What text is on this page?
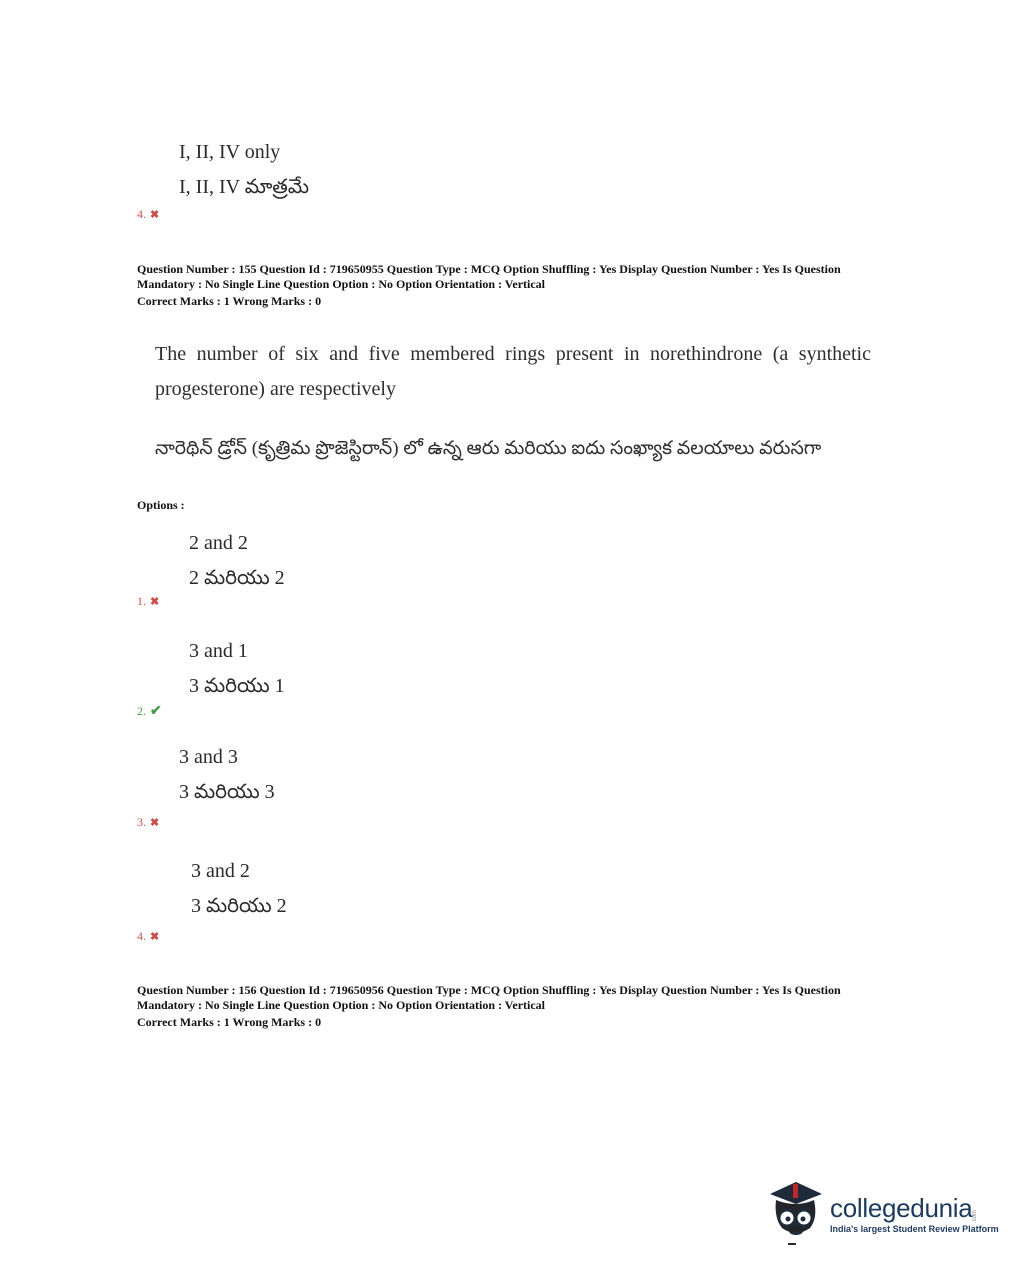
I, II, IV only
I, II, IV మాత్రమే
4. ✖
Question Number : 155 Question Id : 719650955 Question Type : MCQ Option Shuffling : Yes Display Question Number : Yes Is Question
Mandatory : No Single Line Question Option : No Option Orientation : Vertical
Correct Marks : 1 Wrong Marks : 0
The number of six and five membered rings present in norethindrone (a synthetic progesterone) are respectively
నారెథిన్ డ్రోన్ (కృత్రిమ ప్రొజెస్టిరాన్) లో ఉన్న ఆరు మరియు ఐదు సంఖ్యాక వలయాలు వరుసగా
Options :
2 and 2
2 మరియు 2
1. ✖
3 and 1
3 మరియు 1
2. ✔
3 and 3
3 మరియు 3
3. ✖
3 and 2
3 మరియు 2
4. ✖
Question Number : 156 Question Id : 719650956 Question Type : MCQ Option Shuffling : Yes Display Question Number : Yes Is Question
Mandatory : No Single Line Question Option : No Option Orientation : Vertical
Correct Marks : 1 Wrong Marks : 0
collegedunia .com
India's largest Student Review Platform
